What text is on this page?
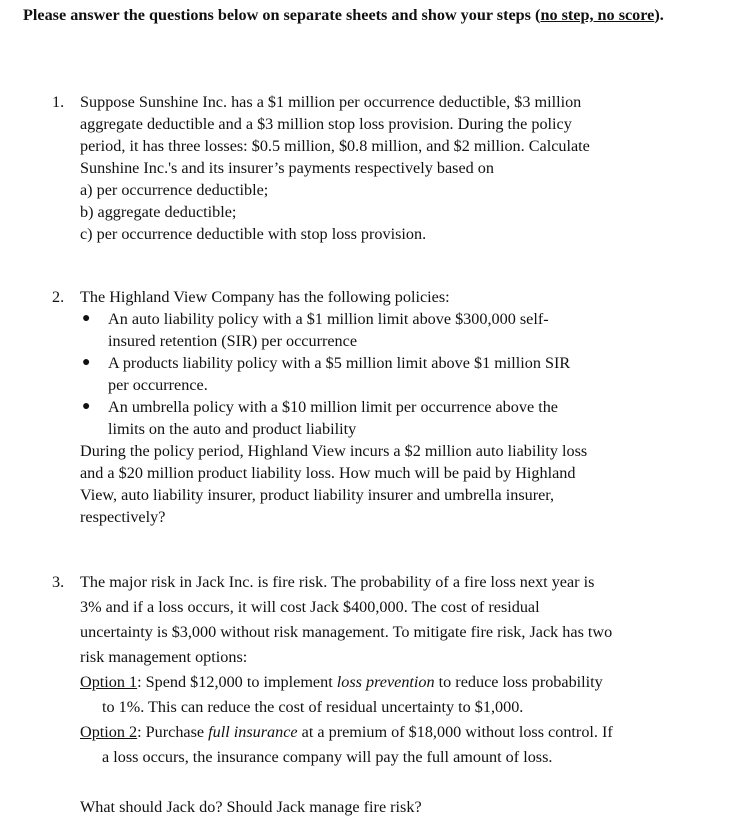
Please answer the questions below on separate sheets and show your steps (no step, no score).
1. Suppose Sunshine Inc. has a $1 million per occurrence deductible, $3 million
aggregate deductible and a $3 million stop loss provision. During the policy
period, it has three losses: $0.5 million, $0.8 million, and $2 million. Calculate
Sunshine Inc.'s and its insurer’s payments respectively based on
a) per occurrence deductible;
b) aggregate deductible;
c) per occurrence deductible with stop loss provision.
2. The Highland View Company has the following policies:
● An auto liability policy with a $1 million limit above $300,000 self-
insured retention (SIR) per occurrence
● A products liability policy with a $5 million limit above $1 million SIR
per occurrence.
● An umbrella policy with a $10 million limit per occurrence above the
limits on the auto and product liability
During the policy period, Highland View incurs a $2 million auto liability loss
and a $20 million product liability loss. How much will be paid by Highland
View, auto liability insurer, product liability insurer and umbrella insurer,
respectively?
3. The major risk in Jack Inc. is fire risk. The probability of a fire loss next year is
3% and if a loss occurs, it will cost Jack $400,000. The cost of residual
uncertainty is $3,000 without risk management. To mitigate fire risk, Jack has two
risk management options:
Option 1: Spend $12,000 to implement loss prevention to reduce loss probability
to 1%. This can reduce the cost of residual uncertainty to $1,000.
Option 2: Purchase full insurance at a premium of $18,000 without loss control. If
a loss occurs, the insurance company will pay the full amount of loss.
What should Jack do? Should Jack manage fire risk?
